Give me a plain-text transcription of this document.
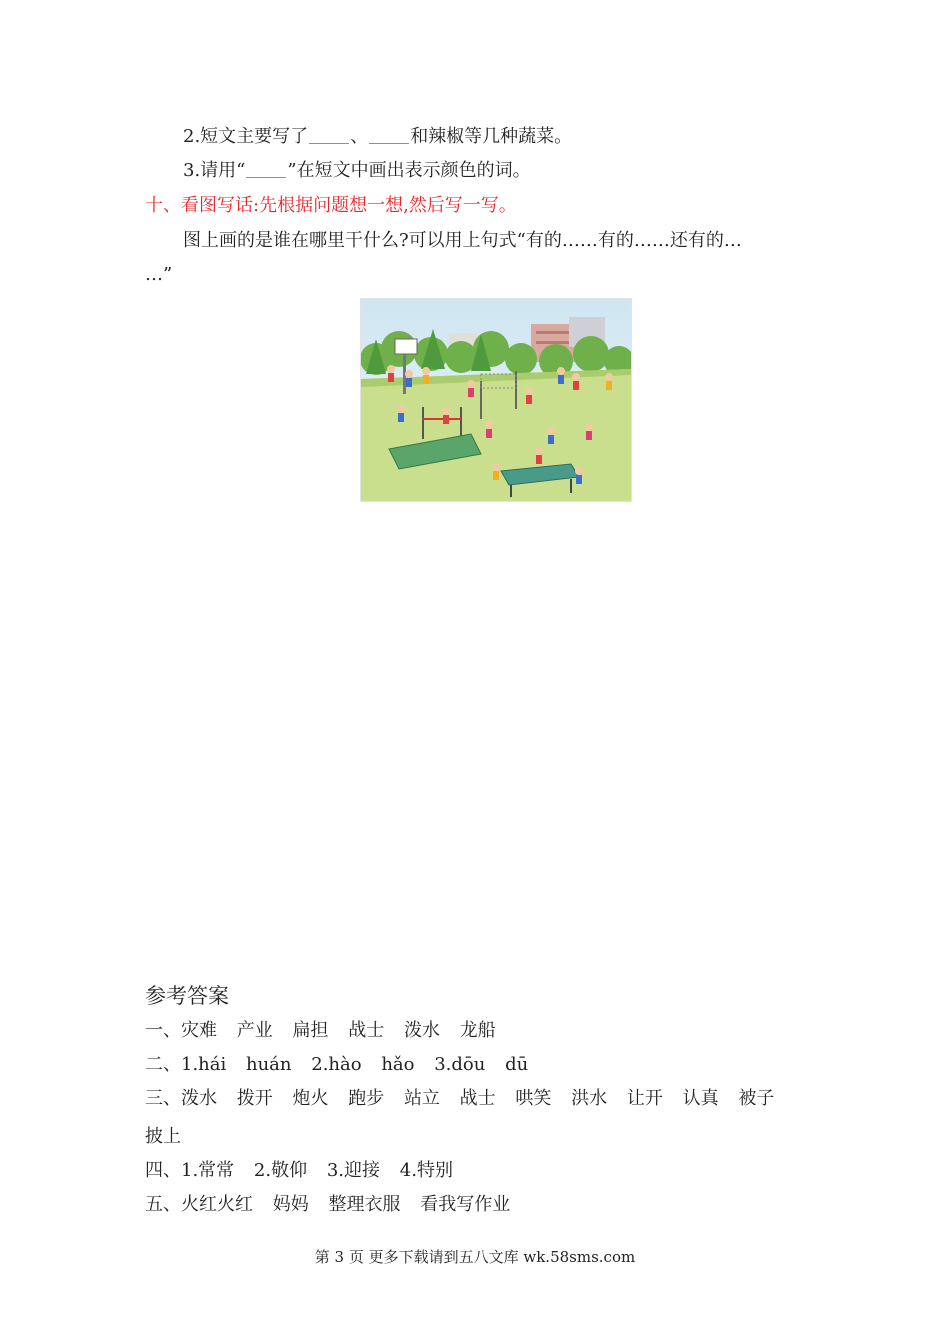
2.短文主要写了 、 和辣椒等几种蔬菜。
3.请用“ ”在短文中画出表示颜色的词。
十、看图写话:先根据问题想一想,然后写一写。
图上画的是谁在哪里干什么?可以用上句式“有的……有的……还有的…
…”
参考答案
一、灾难 产业 扁担 战士 泼水 龙船
二、1.hái huán 2.hào hǎo 3.dōu dū
三、泼水 拨开 炮火 跑步 站立 战士 哄笑 洪水 让开 认真 被子
披上
四、1.常常 2.敬仰 3.迎接 4.特别
五、火红火红 妈妈 整理衣服 看我写作业
第 3 页 更多下载请到五八文库 wk.58sms.com
